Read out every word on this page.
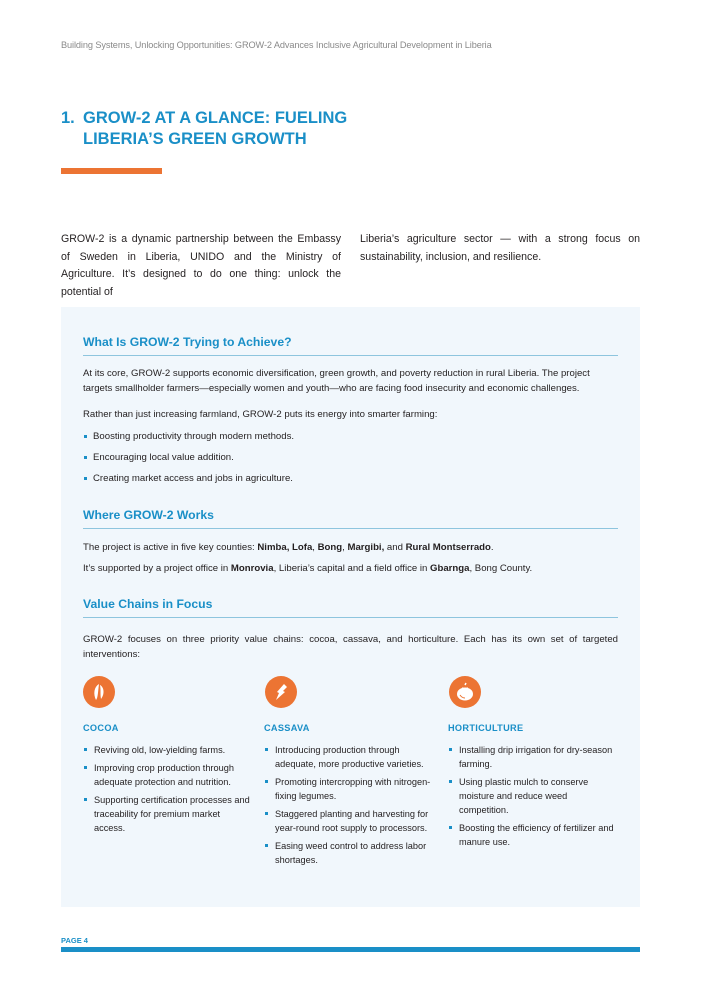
Building Systems, Unlocking Opportunities: GROW-2 Advances Inclusive Agricultural Development in Liberia
1. GROW-2 AT A GLANCE: FUELING LIBERIA’S GREEN GROWTH

GROW-2 is a dynamic partnership between the Embassy of Sweden in Liberia, UNIDO and the Ministry of Agriculture. It’s designed to do one thing: unlock the potential of

Liberia’s agriculture sector — with a strong focus on sustainability, inclusion, and resilience.

What Is GROW-2 Trying to Achieve?

At its core, GROW-2 supports economic diversification, green growth, and poverty reduction in rural Liberia. The project targets smallholder farmers—especially women and youth—who are facing food insecurity and economic challenges.

Rather than just increasing farmland, GROW-2 puts its energy into smarter farming:

Boosting productivity through modern methods.
Encouraging local value addition.
Creating market access and jobs in agriculture.
Where GROW-2 Works

The project is active in five key counties: Nimba, Lofa, Bong, Margibi, and Rural Montserrado.

It’s supported by a project office in Monrovia, Liberia’s capital and a field office in Gbarnga, Bong County.

Value Chains in Focus

GROW-2 focuses on three priority value chains: cocoa, cassava, and horticulture. Each has its own set of targeted interventions:

COCOA
Reviving old, low-yielding farms.
Improving crop production through adequate protection and nutrition.
Supporting certification processes and traceability for premium market access.
CASSAVA
Introducing production through adequate, more productive varieties.
Promoting intercropping with nitrogen-fixing legumes.
Staggered planting and harvesting for year-round root supply to processors.
Easing weed control to address labor shortages.
HORTICULTURE
Installing drip irrigation for dry-season farming.
Using plastic mulch to conserve moisture and reduce weed competition.
Boosting the efficiency of fertilizer and manure use.
PAGE 4
